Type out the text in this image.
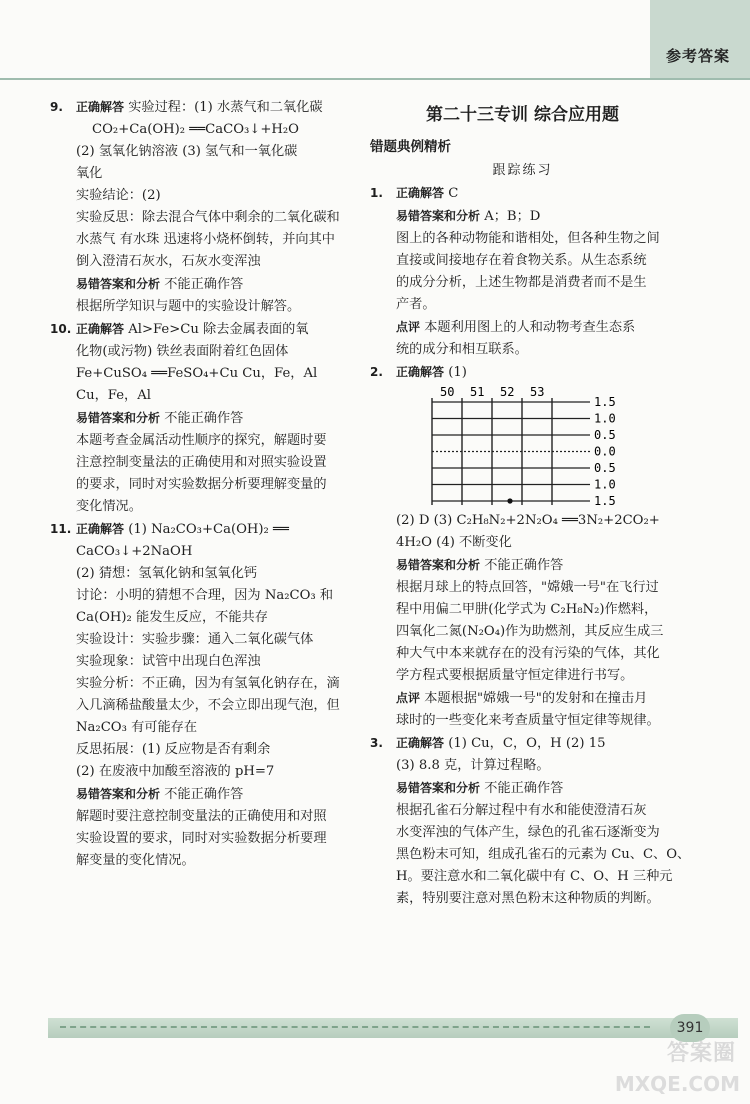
参考答案
9. 正确解答 实验过程：(1) 水蒸气和二氧化碳
CO₂+Ca(OH)₂ ══CaCO₃↓+H₂O
(2) 氢氧化钠溶液 (3) 氢气和一氧化碳
氧化
实验结论：(2)
实验反思：除去混合气体中剩余的二氧化碳和
水蒸气 有水珠 迅速将小烧杯倒转，并向其中
倒入澄清石灰水，石灰水变浑浊
易错答案和分析 不能正确作答
根据所学知识与题中的实验设计解答。
10. 正确解答 Al>Fe>Cu 除去金属表面的氧
化物(或污物) 铁丝表面附着红色固体
Fe+CuSO₄ ══FeSO₄+Cu Cu，Fe，Al
Cu，Fe，Al
易错答案和分析 不能正确作答
本题考查金属活动性顺序的探究，解题时要
注意控制变量法的正确使用和对照实验设置
的要求，同时对实验数据分析要理解变量的
变化情况。
11. 正确解答 (1) Na₂CO₃+Ca(OH)₂ ══
CaCO₃↓+2NaOH
(2) 猜想：氢氧化钠和氢氧化钙
讨论：小明的猜想不合理，因为 Na₂CO₃ 和
Ca(OH)₂ 能发生反应，不能共存
实验设计：实验步骤：通入二氧化碳气体
实验现象：试管中出现白色浑浊
实验分析：不正确，因为有氢氧化钠存在，滴
入几滴稀盐酸量太少，不会立即出现气泡，但
Na₂CO₃ 有可能存在
反思拓展：(1) 反应物是否有剩余
(2) 在废液中加酸至溶液的 pH=7
易错答案和分析 不能正确作答
解题时要注意控制变量法的正确使用和对照
实验设置的要求，同时对实验数据分析要理
解变量的变化情况。
第二十三专训 综合应用题
错题典例精析
跟踪练习
1. 正确解答 C
易错答案和分析 A；B；D
图上的各种动物能和谐相处，但各种生物之间
直接或间接地存在着食物关系。从生态系统
的成分分析，上述生物都是消费者而不是生
产者。
点评 本题利用图上的人和动物考查生态系
统的成分和相互联系。
2. 正确解答 (1)
50 51 52 53
1.5
1.0
0.5
0.0
0.5
1.0
1.5
(2) D (3) C₂H₈N₂+2N₂O₄ ══3N₂+2CO₂+
4H₂O (4) 不断变化
易错答案和分析 不能正确作答
根据月球上的特点回答，"嫦娥一号"在飞行过
程中用偏二甲肼(化学式为 C₂H₈N₂)作燃料，
四氧化二氮(N₂O₄)作为助燃剂，其反应生成三
种大气中本来就存在的没有污染的气体，其化
学方程式要根据质量守恒定律进行书写。
点评 本题根据"嫦娥一号"的发射和在撞击月
球时的一些变化来考查质量守恒定律等规律。
3. 正确解答 (1) Cu，C，O，H (2) 15
(3) 8.8 克，计算过程略。
易错答案和分析 不能正确作答
根据孔雀石分解过程中有水和能使澄清石灰
水变浑浊的气体产生，绿色的孔雀石逐渐变为
黑色粉末可知，组成孔雀石的元素为 Cu、C、O、
H。要注意水和二氧化碳中有 C、O、H 三种元
素，特别要注意对黑色粉末这种物质的判断。
391
答案圈
MXQE.COM
